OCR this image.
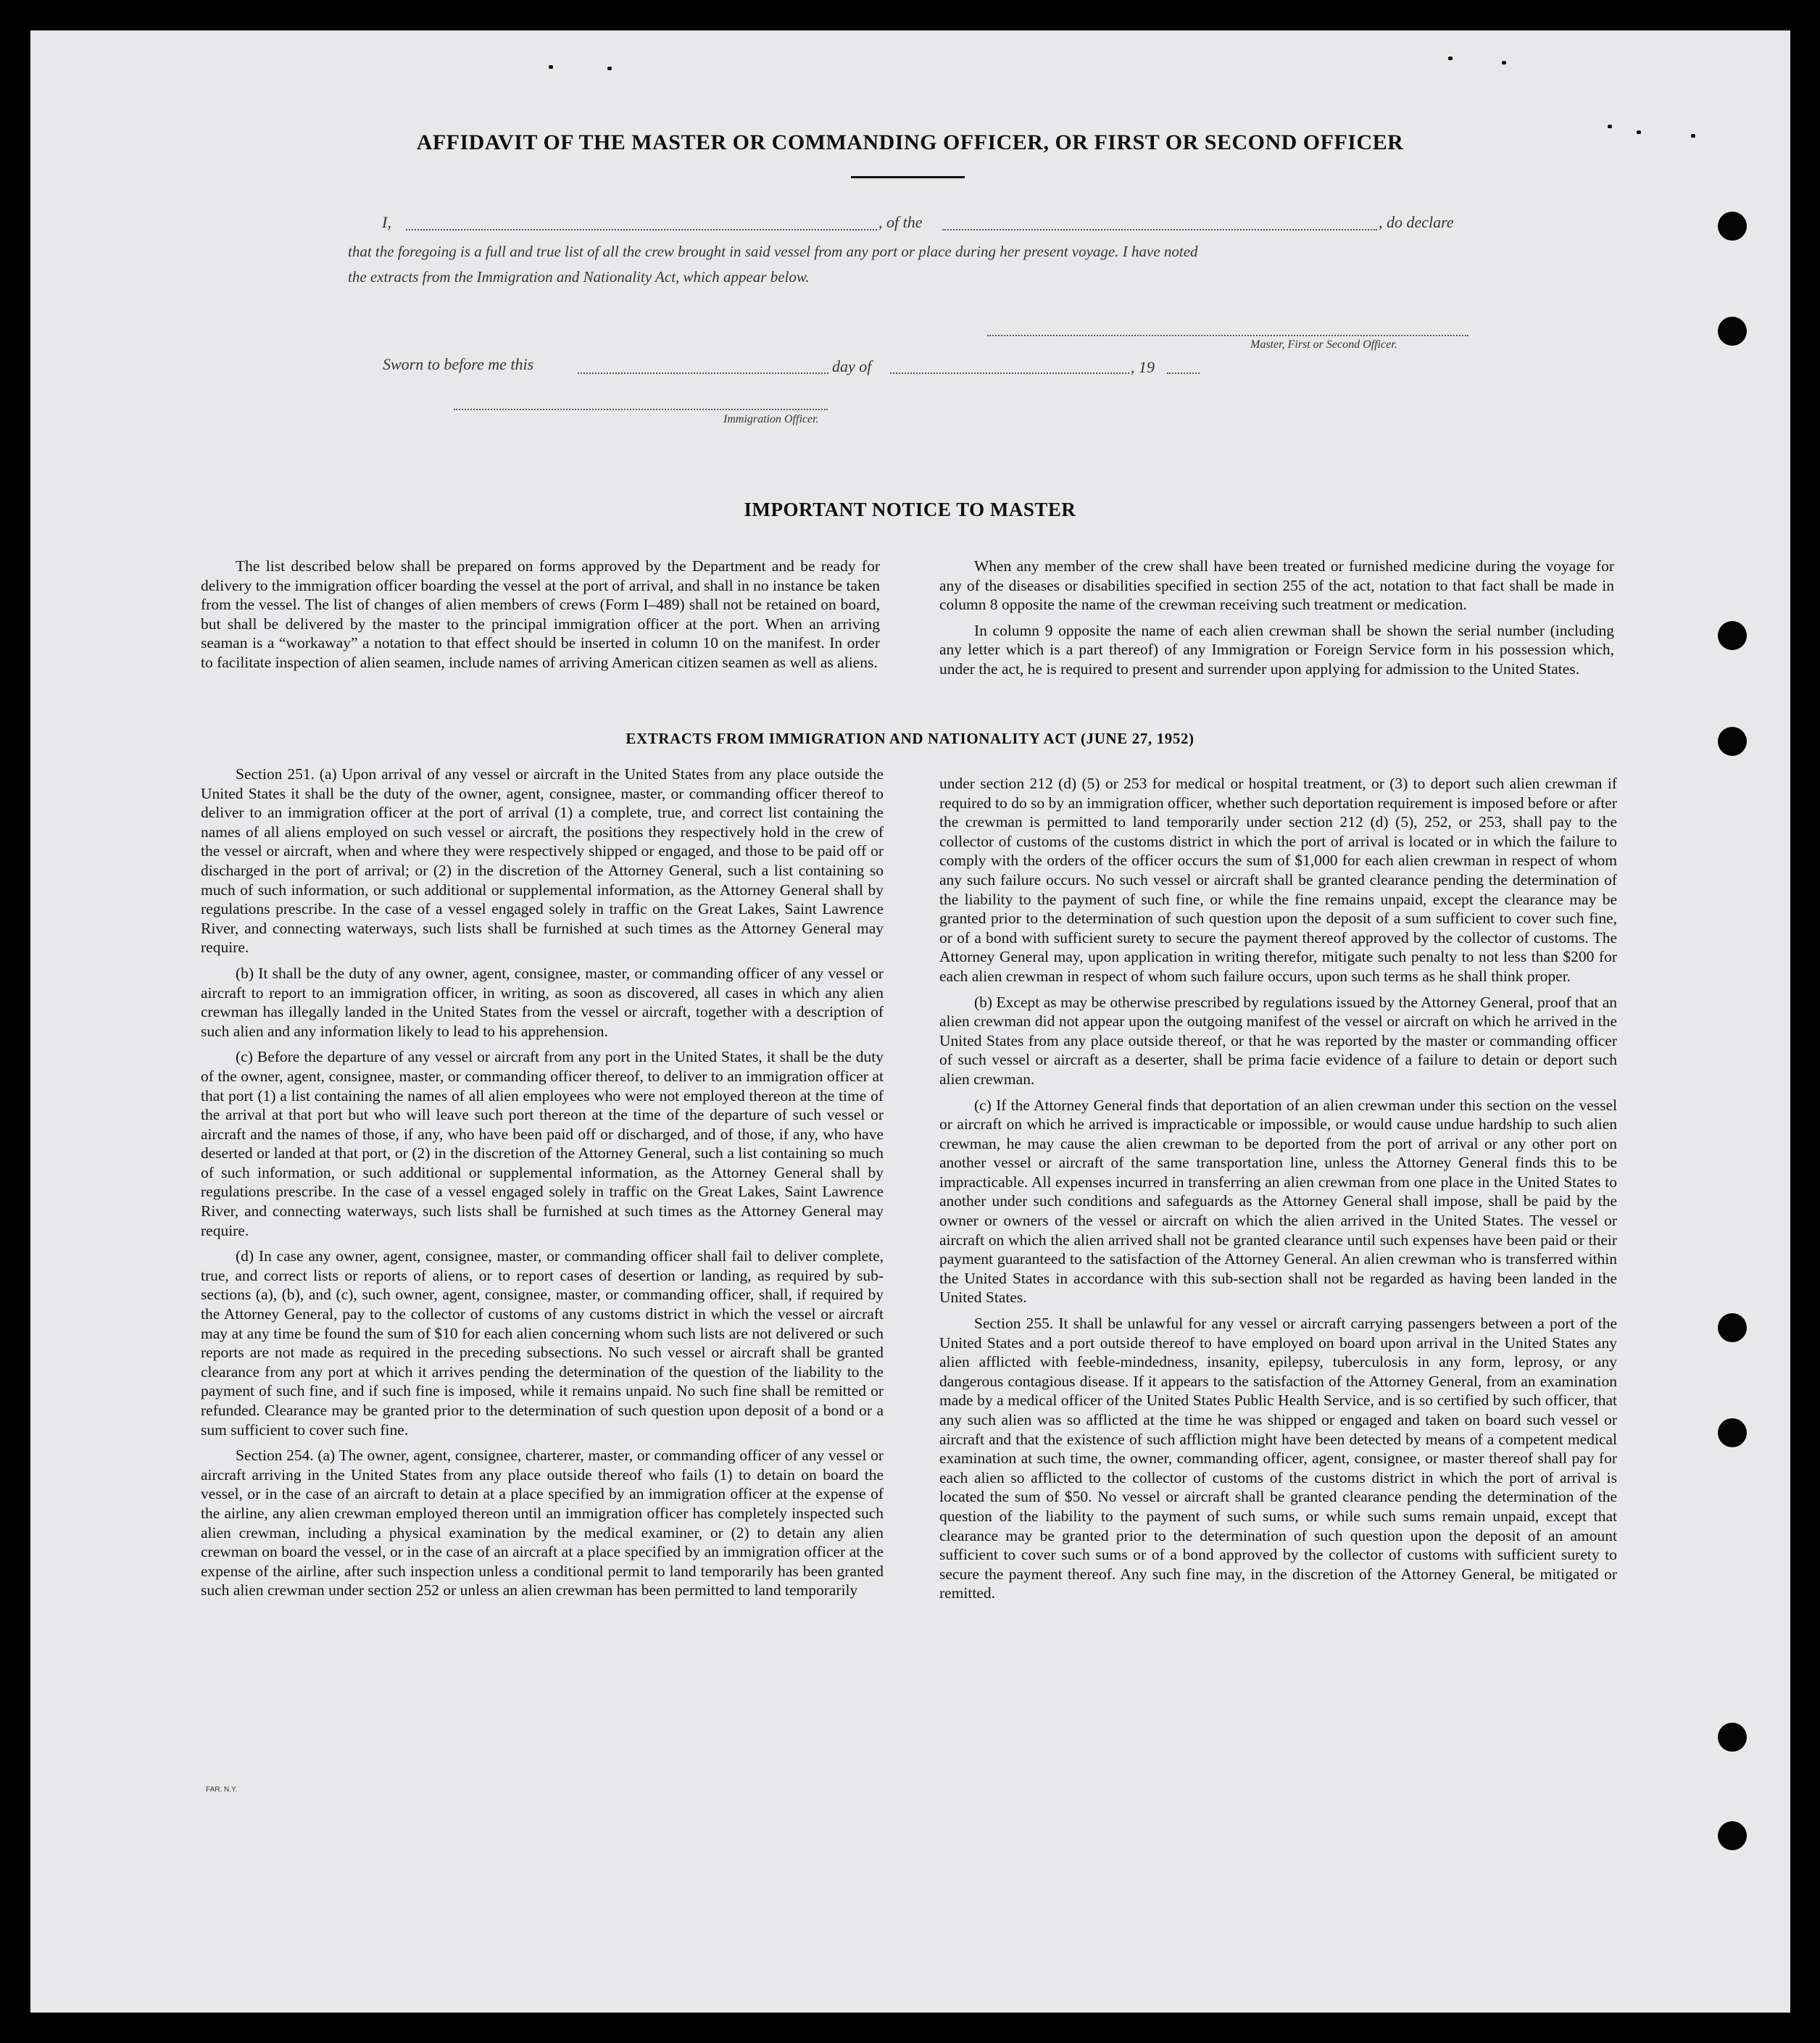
AFFIDAVIT OF THE MASTER OR COMMANDING OFFICER, OR FIRST OR SECOND OFFICER
I,	, of the	, do declare
that the foregoing is a full and true list of all the crew brought in said vessel from any port or place during her present voyage. I have noted
the extracts from the Immigration and Nationality Act, which appear below.
Master, First or Second Officer.
Sworn to before me this	day of	, 19
Immigration Officer.
IMPORTANT NOTICE TO MASTER

The list described below shall be prepared on forms approved by the Department and be ready for delivery to the immigration officer boarding the vessel at the port of arrival, and shall in no instance be taken from the vessel. The list of changes of alien members of crews (Form I–489) shall not be retained on board, but shall be delivered by the master to the principal immigration officer at the port. When an arriving seaman is a “workaway” a notation to that effect should be inserted in column 10 on the manifest. In order to facilitate inspection of alien seamen, include names of arriving American citizen seamen as well as aliens.

When any member of the crew shall have been treated or furnished medicine during the voyage for any of the diseases or disabilities specified in section 255 of the act, notation to that fact shall be made in column 8 opposite the name of the crewman receiving such treatment or medication.

In column 9 opposite the name of each alien crewman shall be shown the serial number (including any letter which is a part thereof) of any Immigration or Foreign Service form in his possession which, under the act, he is required to present and surrender upon applying for admission to the United States.

EXTRACTS FROM IMMIGRATION AND NATIONALITY ACT (JUNE 27, 1952)

Section 251. (a) Upon arrival of any vessel or aircraft in the United States from any place outside the United States it shall be the duty of the owner, agent, consignee, master, or commanding officer thereof to deliver to an immigration officer at the port of arrival (1) a complete, true, and correct list containing the names of all aliens employed on such vessel or aircraft, the positions they respectively hold in the crew of the vessel or aircraft, when and where they were respectively shipped or engaged, and those to be paid off or discharged in the port of arrival; or (2) in the discretion of the Attorney General, such a list containing so much of such information, or such additional or supplemental information, as the Attorney General shall by regulations prescribe. In the case of a vessel engaged solely in traffic on the Great Lakes, Saint Lawrence River, and connecting waterways, such lists shall be furnished at such times as the Attorney General may require.

(b) It shall be the duty of any owner, agent, consignee, master, or commanding officer of any vessel or aircraft to report to an immigration officer, in writing, as soon as discovered, all cases in which any alien crewman has illegally landed in the United States from the vessel or aircraft, together with a description of such alien and any information likely to lead to his apprehension.

(c) Before the departure of any vessel or aircraft from any port in the United States, it shall be the duty of the owner, agent, consignee, master, or commanding officer thereof, to deliver to an immigration officer at that port (1) a list containing the names of all alien employees who were not employed thereon at the time of the arrival at that port but who will leave such port thereon at the time of the departure of such vessel or aircraft and the names of those, if any, who have been paid off or discharged, and of those, if any, who have deserted or landed at that port, or (2) in the discretion of the Attorney General, such a list containing so much of such information, or such additional or supplemental information, as the Attorney General shall by regulations prescribe. In the case of a vessel engaged solely in traffic on the Great Lakes, Saint Lawrence River, and connecting waterways, such lists shall be furnished at such times as the Attorney General may require.

(d) In case any owner, agent, consignee, master, or commanding officer shall fail to deliver complete, true, and correct lists or reports of aliens, or to report cases of desertion or landing, as required by sub-sections (a), (b), and (c), such owner, agent, consignee, master, or commanding officer, shall, if required by the Attorney General, pay to the collector of customs of any customs district in which the vessel or aircraft may at any time be found the sum of $10 for each alien concerning whom such lists are not delivered or such reports are not made as required in the preceding subsections. No such vessel or aircraft shall be granted clearance from any port at which it arrives pending the determination of the question of the liability to the payment of such fine, and if such fine is imposed, while it remains unpaid. No such fine shall be remitted or refunded. Clearance may be granted prior to the determination of such question upon deposit of a bond or a sum sufficient to cover such fine.

Section 254. (a) The owner, agent, consignee, charterer, master, or commanding officer of any vessel or aircraft arriving in the United States from any place outside thereof who fails (1) to detain on board the vessel, or in the case of an aircraft to detain at a place specified by an immigration officer at the expense of the airline, any alien crewman employed thereon until an immigration officer has completely inspected such alien crewman, including a physical examination by the medical examiner, or (2) to detain any alien crewman on board the vessel, or in the case of an aircraft at a place specified by an immigration officer at the expense of the airline, after such inspection unless a conditional permit to land temporarily has been granted such alien crewman under section 252 or unless an alien crewman has been permitted to land temporarily

under section 212 (d) (5) or 253 for medical or hospital treatment, or (3) to deport such alien crewman if required to do so by an immigration officer, whether such deportation requirement is imposed before or after the crewman is permitted to land temporarily under section 212 (d) (5), 252, or 253, shall pay to the collector of customs of the customs district in which the port of arrival is located or in which the failure to comply with the orders of the officer occurs the sum of $1,000 for each alien crewman in respect of whom any such failure occurs. No such vessel or aircraft shall be granted clearance pending the determination of the liability to the payment of such fine, or while the fine remains unpaid, except the clearance may be granted prior to the determination of such question upon the deposit of a sum sufficient to cover such fine, or of a bond with sufficient surety to secure the payment thereof approved by the collector of customs. The Attorney General may, upon application in writing therefor, mitigate such penalty to not less than $200 for each alien crewman in respect of whom such failure occurs, upon such terms as he shall think proper.

(b) Except as may be otherwise prescribed by regulations issued by the Attorney General, proof that an alien crewman did not appear upon the outgoing manifest of the vessel or aircraft on which he arrived in the United States from any place outside thereof, or that he was reported by the master or commanding officer of such vessel or aircraft as a deserter, shall be prima facie evidence of a failure to detain or deport such alien crewman.

(c) If the Attorney General finds that deportation of an alien crewman under this section on the vessel or aircraft on which he arrived is impracticable or impossible, or would cause undue hardship to such alien crewman, he may cause the alien crewman to be deported from the port of arrival or any other port on another vessel or aircraft of the same transportation line, unless the Attorney General finds this to be impracticable. All expenses incurred in transferring an alien crewman from one place in the United States to another under such conditions and safeguards as the Attorney General shall impose, shall be paid by the owner or owners of the vessel or aircraft on which the alien arrived in the United States. The vessel or aircraft on which the alien arrived shall not be granted clearance until such expenses have been paid or their payment guaranteed to the satisfaction of the Attorney General. An alien crewman who is transferred within the United States in accordance with this sub-section shall not be regarded as having been landed in the United States.

Section 255. It shall be unlawful for any vessel or aircraft carrying passengers between a port of the United States and a port outside thereof to have employed on board upon arrival in the United States any alien afflicted with feeble-mindedness, insanity, epilepsy, tuberculosis in any form, leprosy, or any dangerous contagious disease. If it appears to the satisfaction of the Attorney General, from an examination made by a medical officer of the United States Public Health Service, and is so certified by such officer, that any such alien was so afflicted at the time he was shipped or engaged and taken on board such vessel or aircraft and that the existence of such affliction might have been detected by means of a competent medical examination at such time, the owner, commanding officer, agent, consignee, or master thereof shall pay for each alien so afflicted to the collector of customs of the customs district in which the port of arrival is located the sum of $50. No vessel or aircraft shall be granted clearance pending the determination of the question of the liability to the payment of such sums, or while such sums remain unpaid, except that clearance may be granted prior to the determination of such question upon the deposit of an amount sufficient to cover such sums or of a bond approved by the collector of customs with sufficient surety to secure the payment thereof. Any such fine may, in the discretion of the Attorney General, be mitigated or remitted.

FAR. N.Y.
